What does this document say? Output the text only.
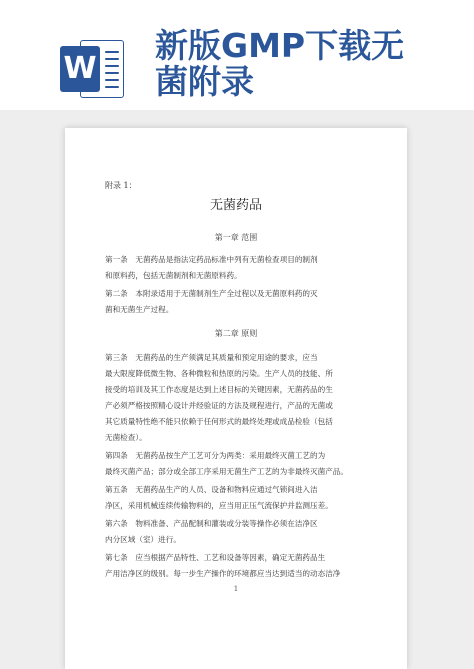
W
新版GMP下载无
菌附录
附录 1：
无菌药品
第一章 范围
第一条　无菌药品是指法定药品标准中列有无菌检查项目的制剂
和原料药，包括无菌制剂和无菌原料药。
第二条　本附录适用于无菌制剂生产全过程以及无菌原料药的灭
菌和无菌生产过程。
第二章 原则
第三条　无菌药品的生产须满足其质量和预定用途的要求，应当
最大限度降低微生物、各种微粒和热原的污染。生产人员的技能、所
接受的培训及其工作态度是达到上述目标的关键因素，无菌药品的生
产必须严格按照精心设计并经验证的方法及规程进行，产品的无菌或
其它质量特性绝不能只依赖于任何形式的最终处理或成品检验（包括
无菌检查）。
第四条　无菌药品按生产工艺可分为两类：采用最终灭菌工艺的为
最终灭菌产品；部分或全部工序采用无菌生产工艺的为非最终灭菌产品。
第五条　无菌药品生产的人员、设备和物料应通过气锁间进入洁
净区，采用机械连续传输物料的，应当用正压气流保护并监测压差。
第六条　物料准备、产品配制和灌装或分装等操作必须在洁净区
内分区域（室）进行。
第七条　应当根据产品特性、工艺和设备等因素，确定无菌药品生
产用洁净区的级别。每一步生产操作的环境都应当达到适当的动态洁净
1
